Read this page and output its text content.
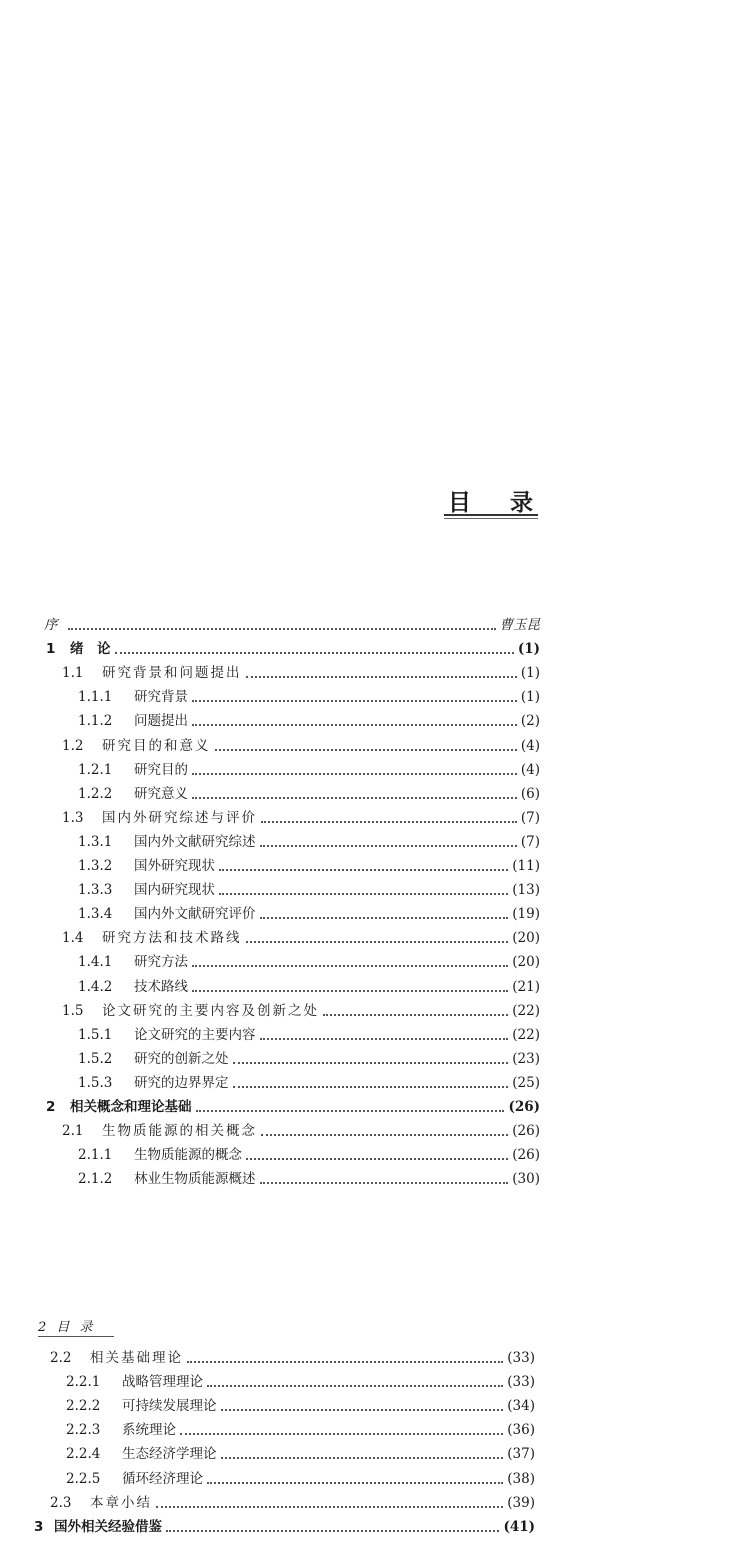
目 录
2 目 录
序	曹玉昆
1	绪　论	(1)
1.1	研究背景和问题提出	(1)
1.1.1	研究背景	(1)
1.1.2	问题提出	(2)
1.2	研究目的和意义	(4)
1.2.1	研究目的	(4)
1.2.2	研究意义	(6)
1.3	国内外研究综述与评价	(7)
1.3.1	国内外文献研究综述	(7)
1.3.2	国外研究现状	(11)
1.3.3	国内研究现状	(13)
1.3.4	国内外文献研究评价	(19)
1.4	研究方法和技术路线	(20)
1.4.1	研究方法	(20)
1.4.2	技术路线	(21)
1.5	论文研究的主要内容及创新之处	(22)
1.5.1	论文研究的主要内容	(22)
1.5.2	研究的创新之处	(23)
1.5.3	研究的边界界定	(25)
2	相关概念和理论基础	(26)
2.1	生物质能源的相关概念	(26)
2.1.1	生物质能源的概念	(26)
2.1.2	林业生物质能源概述	(30)
2.2	相关基础理论	(33)
2.2.1	战略管理理论	(33)
2.2.2	可持续发展理论	(34)
2.2.3	系统理论	(36)
2.2.4	生态经济学理论	(37)
2.2.5	循环经济理论	(38)
2.3	本章小结	(39)
3 国外相关经验借鉴	(41)
